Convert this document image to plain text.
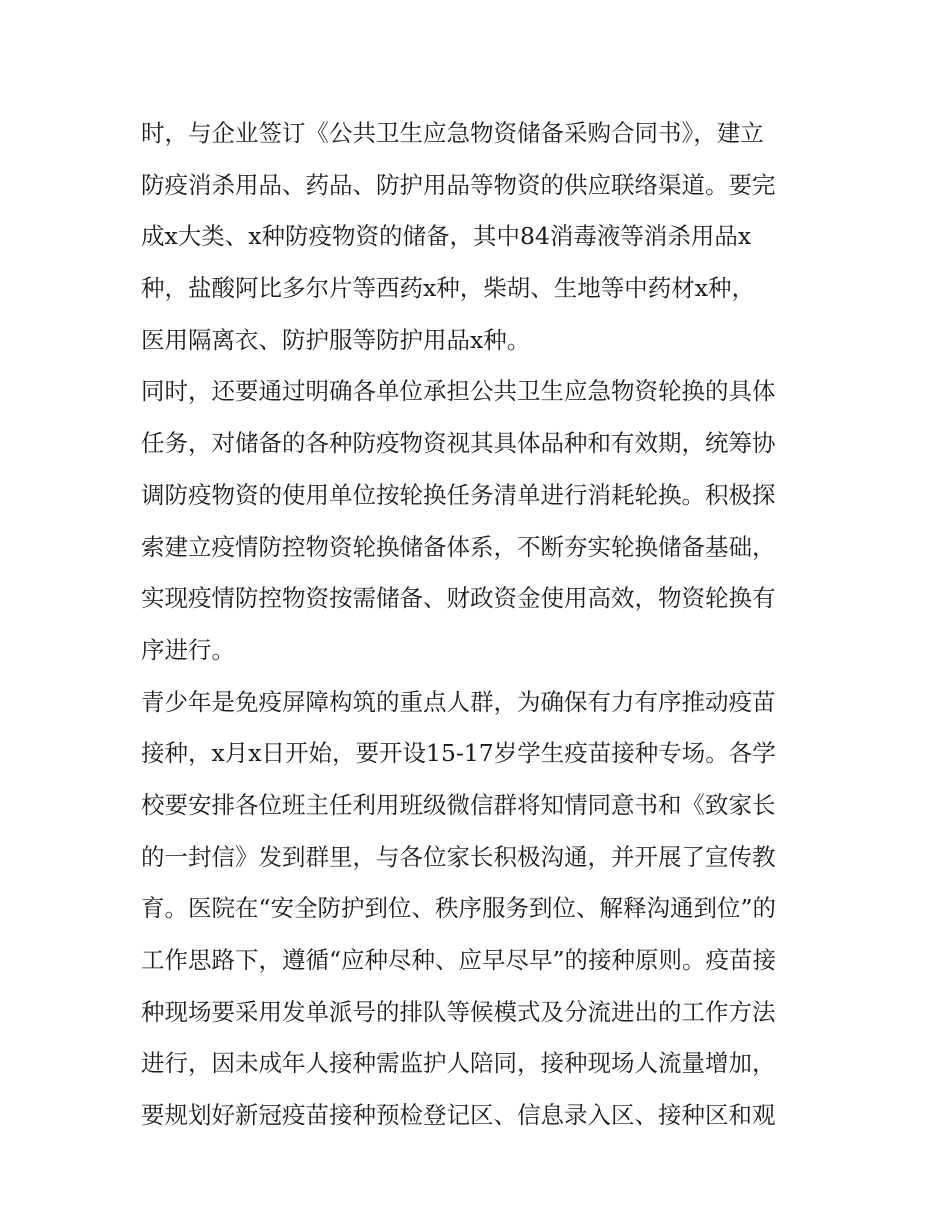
时，与企业签订《公共卫生应急物资储备采购合同书》，建立
防疫消杀用品、药品、防护用品等物资的供应联络渠道。要完
成x大类、x种防疫物资的储备，其中84消毒液等消杀用品x
种，盐酸阿比多尔片等西药x种，柴胡、生地等中药材x种，
医用隔离衣、防护服等防护用品x种。
同时，还要通过明确各单位承担公共卫生应急物资轮换的具体
任务，对储备的各种防疫物资视其具体品种和有效期，统筹协
调防疫物资的使用单位按轮换任务清单进行消耗轮换。积极探
索建立疫情防控物资轮换储备体系，不断夯实轮换储备基础，
实现疫情防控物资按需储备、财政资金使用高效，物资轮换有
序进行。
青少年是免疫屏障构筑的重点人群，为确保有力有序推动疫苗
接种，x月x日开始，要开设15-17岁学生疫苗接种专场。各学
校要安排各位班主任利用班级微信群将知情同意书和《致家长
的一封信》发到群里，与各位家长积极沟通，并开展了宣传教
育。医院在“安全防护到位、秩序服务到位、解释沟通到位”的
工作思路下，遵循“应种尽种、应早尽早”的接种原则。疫苗接
种现场要采用发单派号的排队等候模式及分流进出的工作方法
进行，因未成年人接种需监护人陪同，接种现场人流量增加，
要规划好新冠疫苗接种预检登记区、信息录入区、接种区和观
